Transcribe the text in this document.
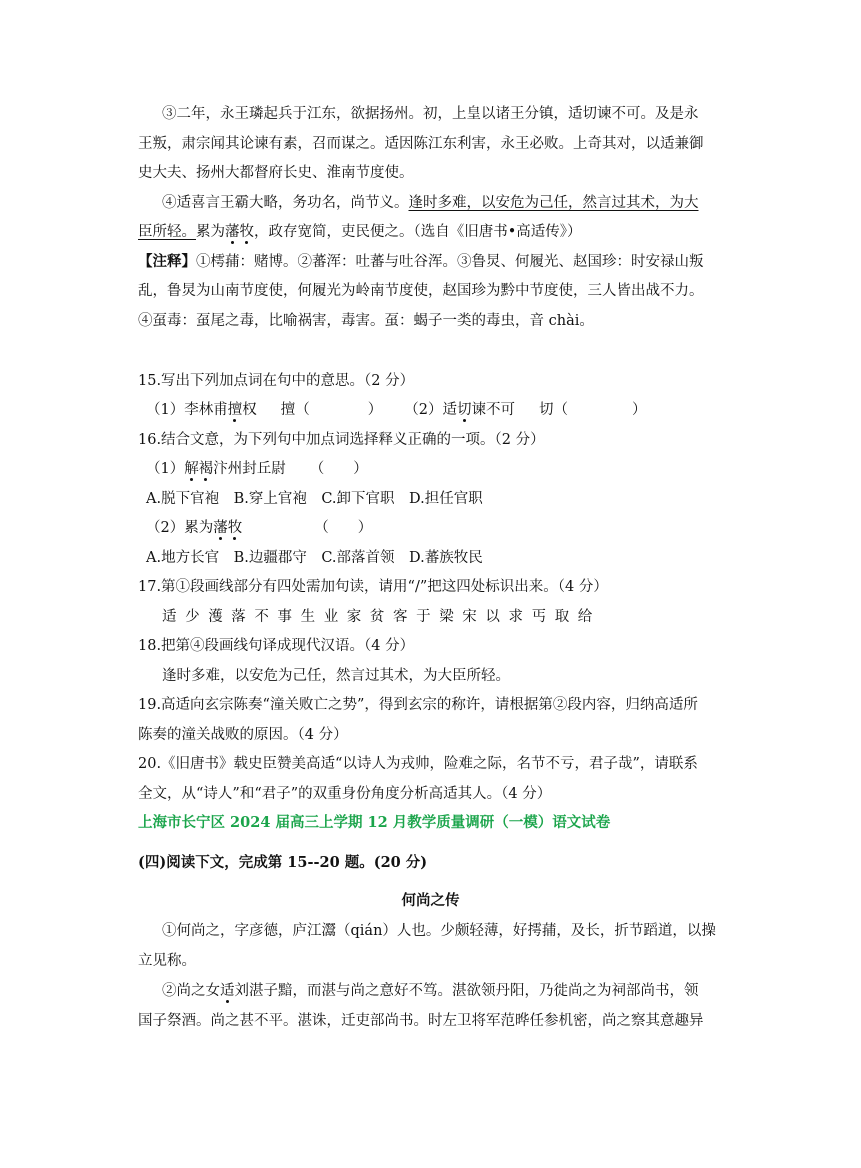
③二年，永王璘起兵于江东，欲据扬州。初，上皇以诸王分镇，适切谏不可。及是永
王叛，肃宗闻其论谏有素，召而谋之。适因陈江东利害，永王必败。上奇其对，以适兼御
史大夫、扬州大都督府长史、淮南节度使。
④适喜言王霸大略，务功名，尚节义。逢时多难，以安危为己任，然言过其术，为大
臣所轻。累为藩牧，政存宽简，吏民便之。（选自《旧唐书•高适传》）
【注释】①樗蒱：赌博。②蕃浑：吐蕃与吐谷浑。③鲁炅、何履光、赵国珍：时安禄山叛
乱，鲁炅为山南节度使，何履光为岭南节度使，赵国珍为黔中节度使，三人皆出战不力。
④虿毒：虿尾之毒，比喻祸害，毒害。虿：蝎子一类的毒虫，音 chài。
15.写出下列加点词在句中的意思。（2 分）
（1）李林甫擅权 擅（	） （2）适切谏不可 切（	）
16.结合文意，为下列句中加点词选择释义正确的一项。（2 分）
（1）解褐汴州封丘尉 （　　）
A.脱下官袍　B.穿上官袍　C.卸下官职　D.担任官职
（2）累为藩牧	（　　）
A.地方长官　B.边疆郡守　C.部落首领　D.蕃族牧民
17.第①段画线部分有四处需加句读，请用“/”把这四处标识出来。（4 分）
适少濩落不事生业家贫客于梁宋以求丐取给
18.把第④段画线句译成现代汉语。（4 分）
逢时多难，以安危为己任，然言过其术，为大臣所轻。
19.高适向玄宗陈奏“潼关败亡之势”，得到玄宗的称许，请根据第②段内容，归纳高适所
陈奏的潼关战败的原因。（4 分）
20.《旧唐书》载史臣赞美高适“以诗人为戎帅，险难之际，名节不亏，君子哉”，请联系
全文，从“诗人”和“君子”的双重身份角度分析高适其人。（4 分）
上海市长宁区 2024 届高三上学期 12 月教学质量调研（一模）语文试卷
(四)阅读下文，完成第 15--20 题。(20 分)
何尚之传
①何尚之，字彦德，庐江灊（qián）人也。少颇轻薄，好摴蒱，及长，折节蹈道，以操
立见称。
②尚之女适刘湛子黯，而湛与尚之意好不笃。湛欲领丹阳，乃徙尚之为祠部尚书，领
国子祭酒。尚之甚不平。湛诛，迁吏部尚书。时左卫将军范晔任参机密，尚之察其意趣异
